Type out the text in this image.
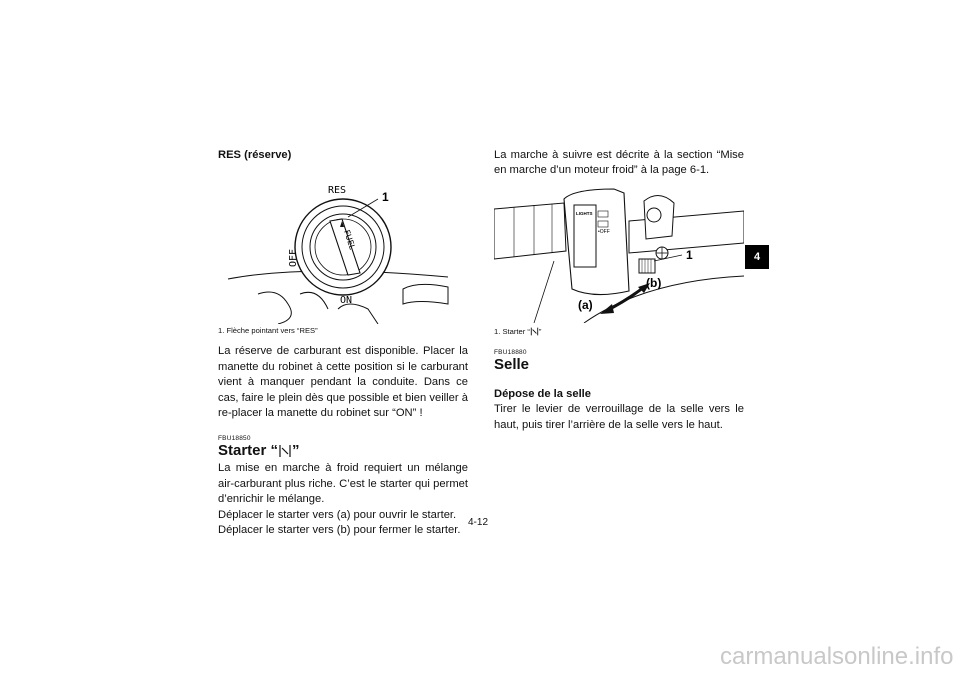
RES (réserve)
FUEL
RES
OFF
ON
1
1. Flèche pointant vers “RES”

La réserve de carburant est disponible. Placer la manette du robinet à cette position si le carburant vient à manquer pendant la conduite. Dans ce cas, faire le plein dès que possible et bien veiller à re-placer la manette du robinet sur “ON” !

FBU18850
Starter “ ”

La mise en marche à froid requiert un mélange air-carburant plus riche. C’est le starter qui permet d’enrichir le mélange.

Déplacer le starter vers (a) pour ouvrir le starter.

Déplacer le starter vers (b) pour fermer le starter.

La marche à suivre est décrite à la section “Mise en marche d’un moteur froid” à la page 6-1.

LIGHTS
•OFF
1
(a)
(b)
1. Starter “ ”
FBU18880
Selle
Dépose de la selle

Tirer le levier de verrouillage de la selle vers le haut, puis tirer l’arrière de la selle vers le haut.

4
4-12
carmanualsonline.info
